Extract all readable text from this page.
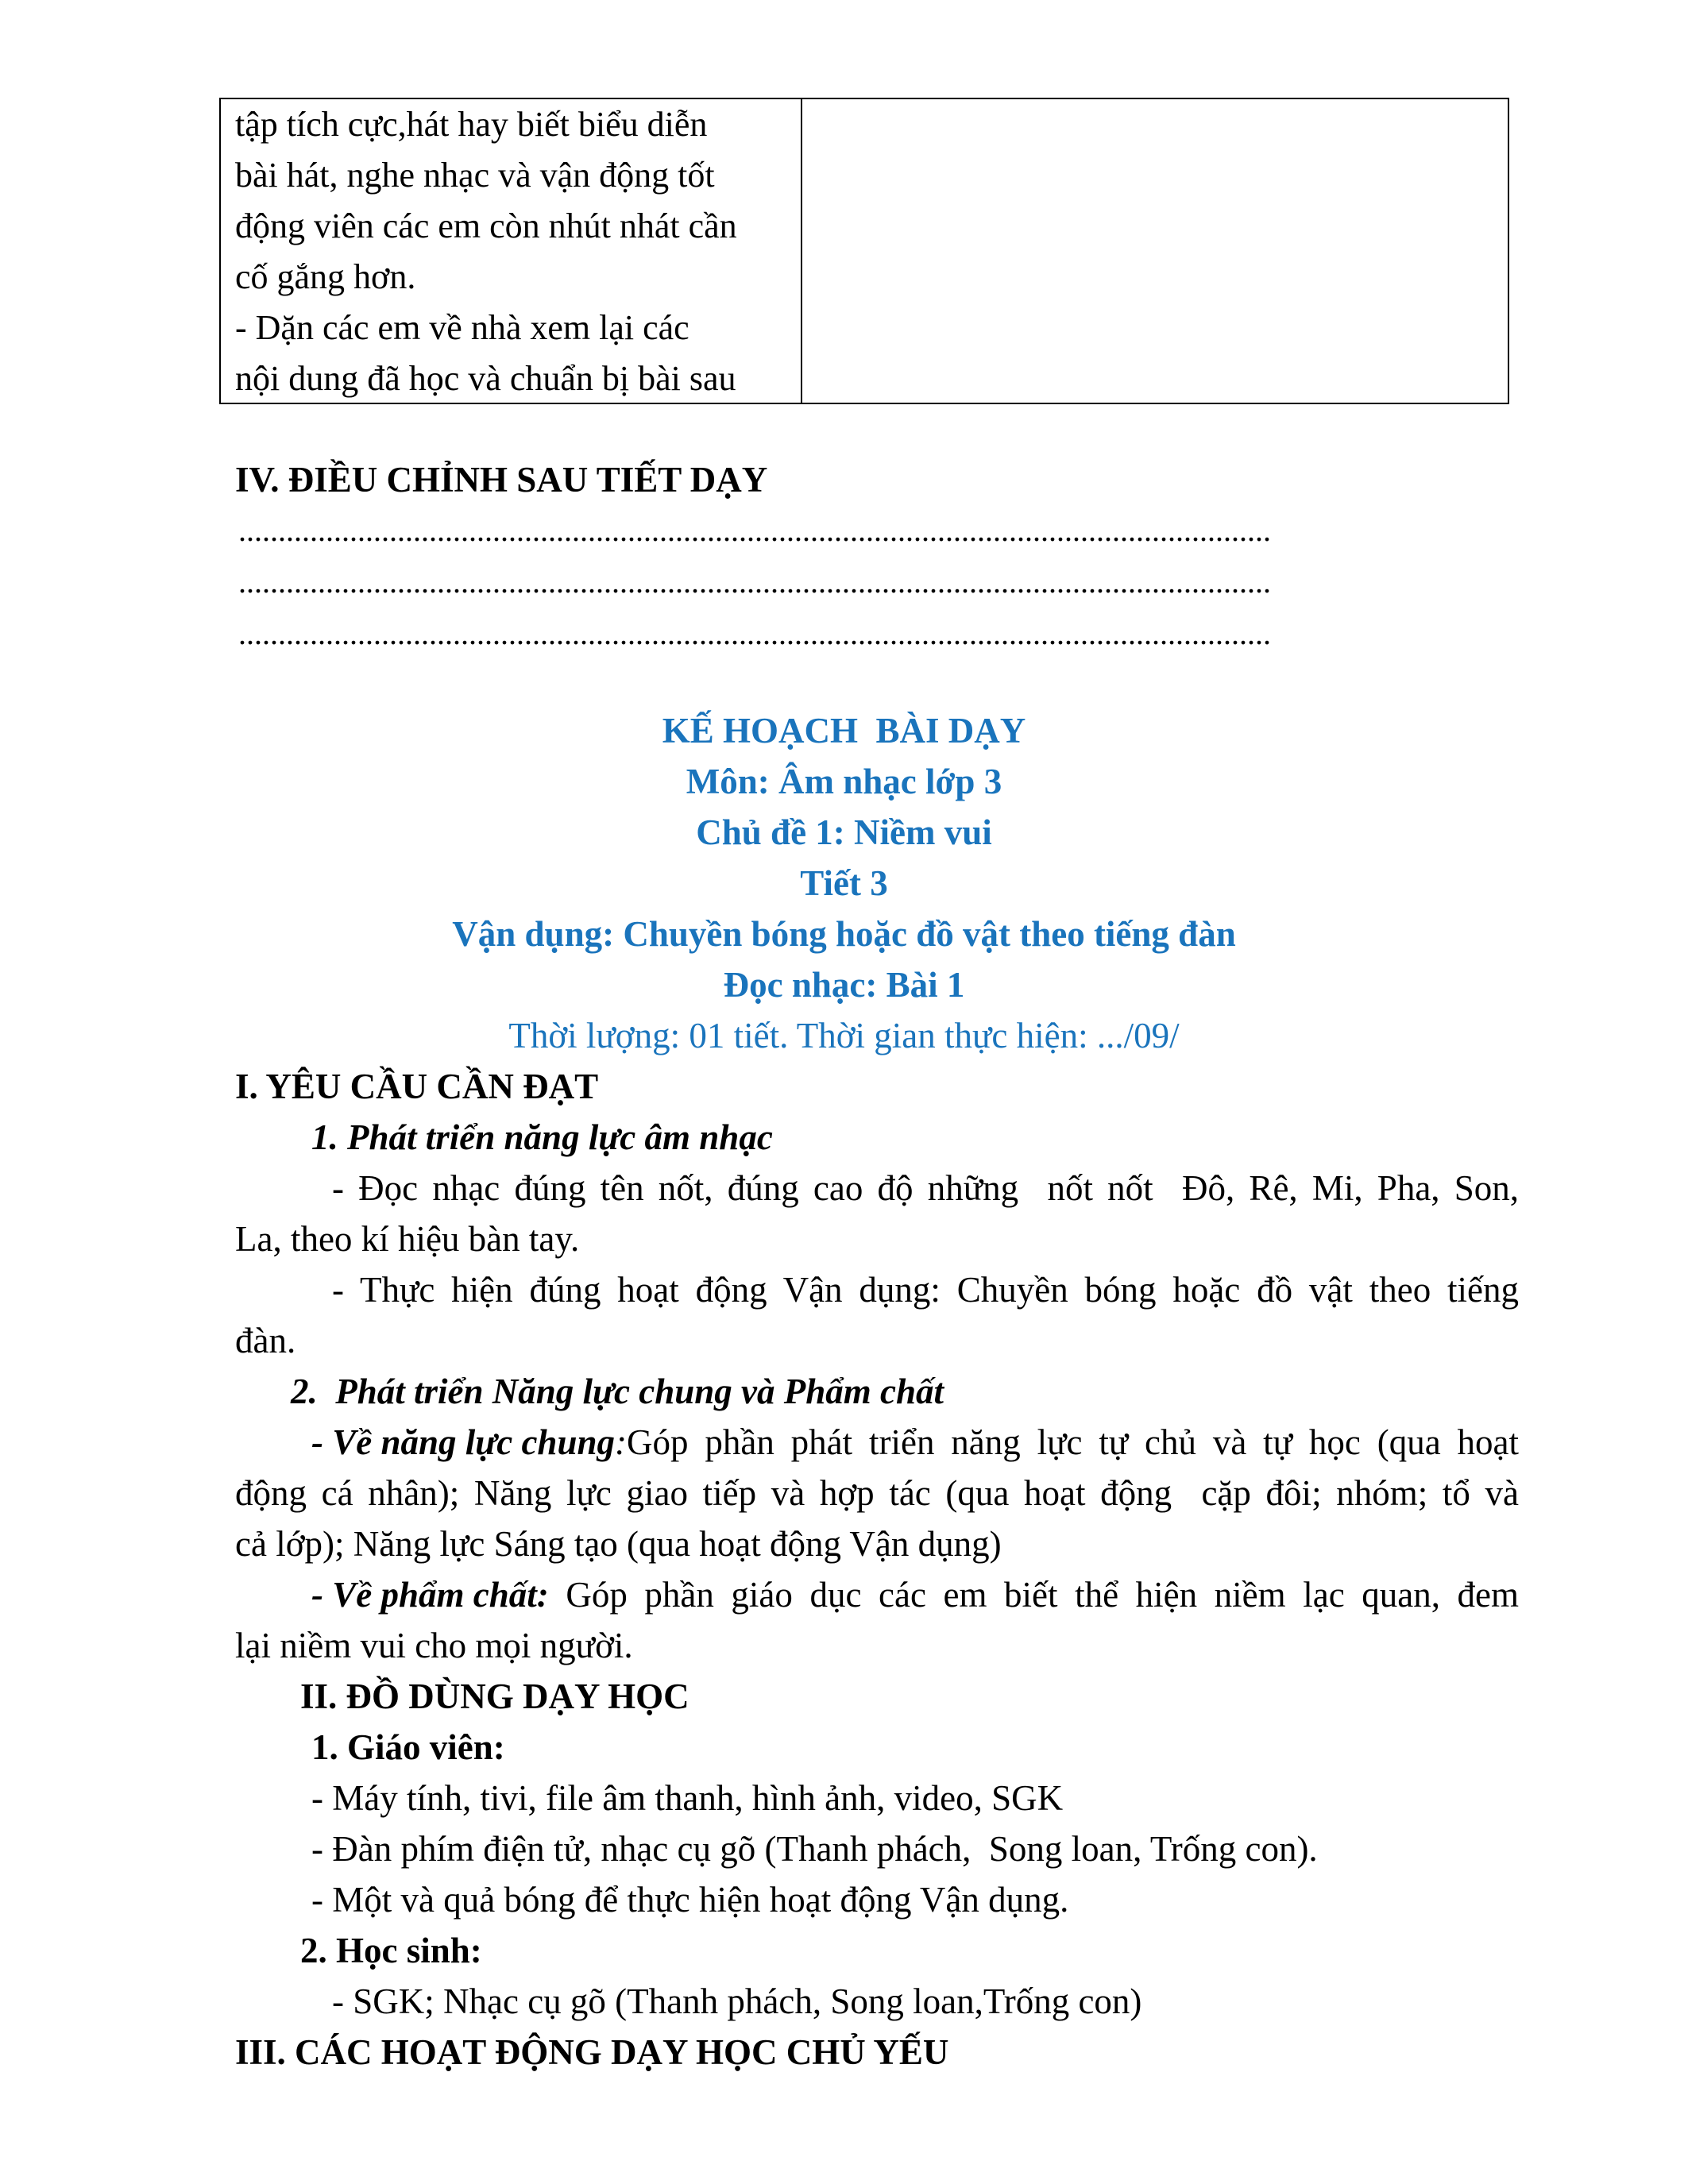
tập tích cực,hát hay biết biểu diễn
bài hát, nghe nhạc và vận động tốt
động viên các em còn nhút nhát cần
cố gắng hơn.
- Dặn các em về nhà xem lại các
nội dung đã học và chuẩn bị bài sau
IV. ĐIỀU CHỈNH SAU TIẾT DẠY
..................................................................................................................................
..................................................................................................................................
..................................................................................................................................
KẾ HOẠCH  BÀI DẠY
Môn: Âm nhạc lớp 3
Chủ đề 1: Niềm vui
Tiết 3
Vận dụng: Chuyền bóng hoặc đồ vật theo tiếng đàn
Đọc nhạc: Bài 1
Thời lượng: 01 tiết. Thời gian thực hiện: .../09/
I. YÊU CẦU CẦN ĐẠT
1. Phát triển năng lực âm nhạc
- Đọc nhạc đúng tên nốt, đúng cao độ những  nốt nốt  Đô, Rê, Mi, Pha, Son,
La, theo kí hiệu bàn tay.
- Thực hiện đúng hoạt động Vận dụng: Chuyền bóng hoặc đồ vật theo tiếng
đàn.
2.  Phát triển Năng lực chung và Phẩm chất
- Về năng lực chung : Góp phần phát triển năng lực tự chủ và tự học (qua hoạt
động cá nhân); Năng lực giao tiếp và hợp tác (qua hoạt động  cặp đôi; nhóm; tổ và
cả lớp); Năng lực Sáng tạo (qua hoạt động Vận dụng)
- Về phẩm chất: Góp phần giáo dục các em biết thể hiện niềm lạc quan, đem
lại niềm vui cho mọi người.
II. ĐỒ DÙNG DẠY HỌC
1. Giáo viên:
- Máy tính, tivi, file âm thanh, hình ảnh, video, SGK
- Đàn phím điện tử, nhạc cụ gõ (Thanh phách,  Song loan, Trống con).
- Một và quả bóng để thực hiện hoạt động Vận dụng.
2. Học sinh:
- SGK; Nhạc cụ gõ (Thanh phách, Song loan,Trống con)
III. CÁC HOẠT ĐỘNG DẠY HỌC CHỦ YẾU
